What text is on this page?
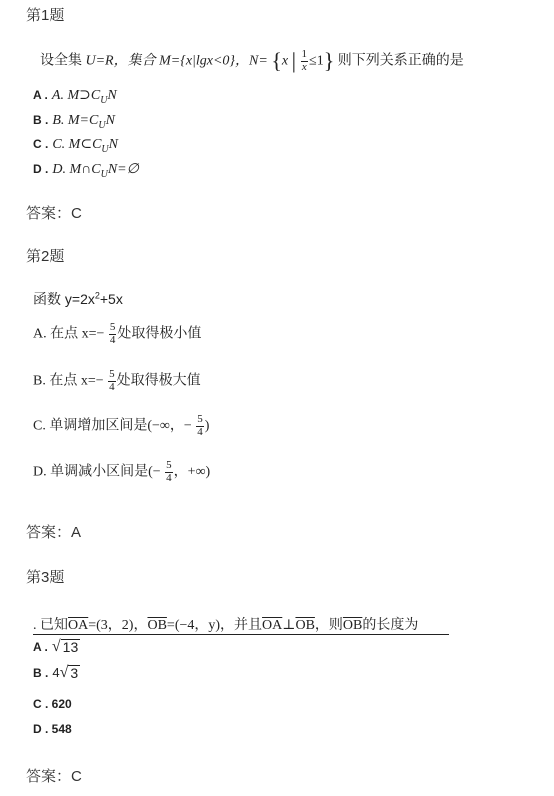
第1题
设全集 U=R，集合 M={x|lgx<0}，N= {x | $\frac{1}{x} \le 1$} 则下列关系正确的是
A . A. $M⊃C_UN$
B . B. $M=C_UN$
C . C. $M\subset C_UN$
D . D. $M\cap C_UN=\emptyset$
答案：C
第2题
函数 $y=2x^2+5x$
A. 在点 $x=- \frac{5}{4}$ 处取得极小值
B. 在点 $x=- \frac{5}{4}$ 处取得极大值
C. 单调增加区间是(−∞，− $\frac{5}{4}$ )
D. 单调减小区间是(− $\frac{5}{4}$ ，+∞)
答案：A
第3题
. 已知$\overline{OA}=(3$，2)，$\overline{OB}=(-4$，y)，并且$\overline{OA}\perp\overline{OB}$，则$\overline{OB}$的长度为
A . √ 13
B . 4 √ 3
C . 620
D . 548
答案：C
